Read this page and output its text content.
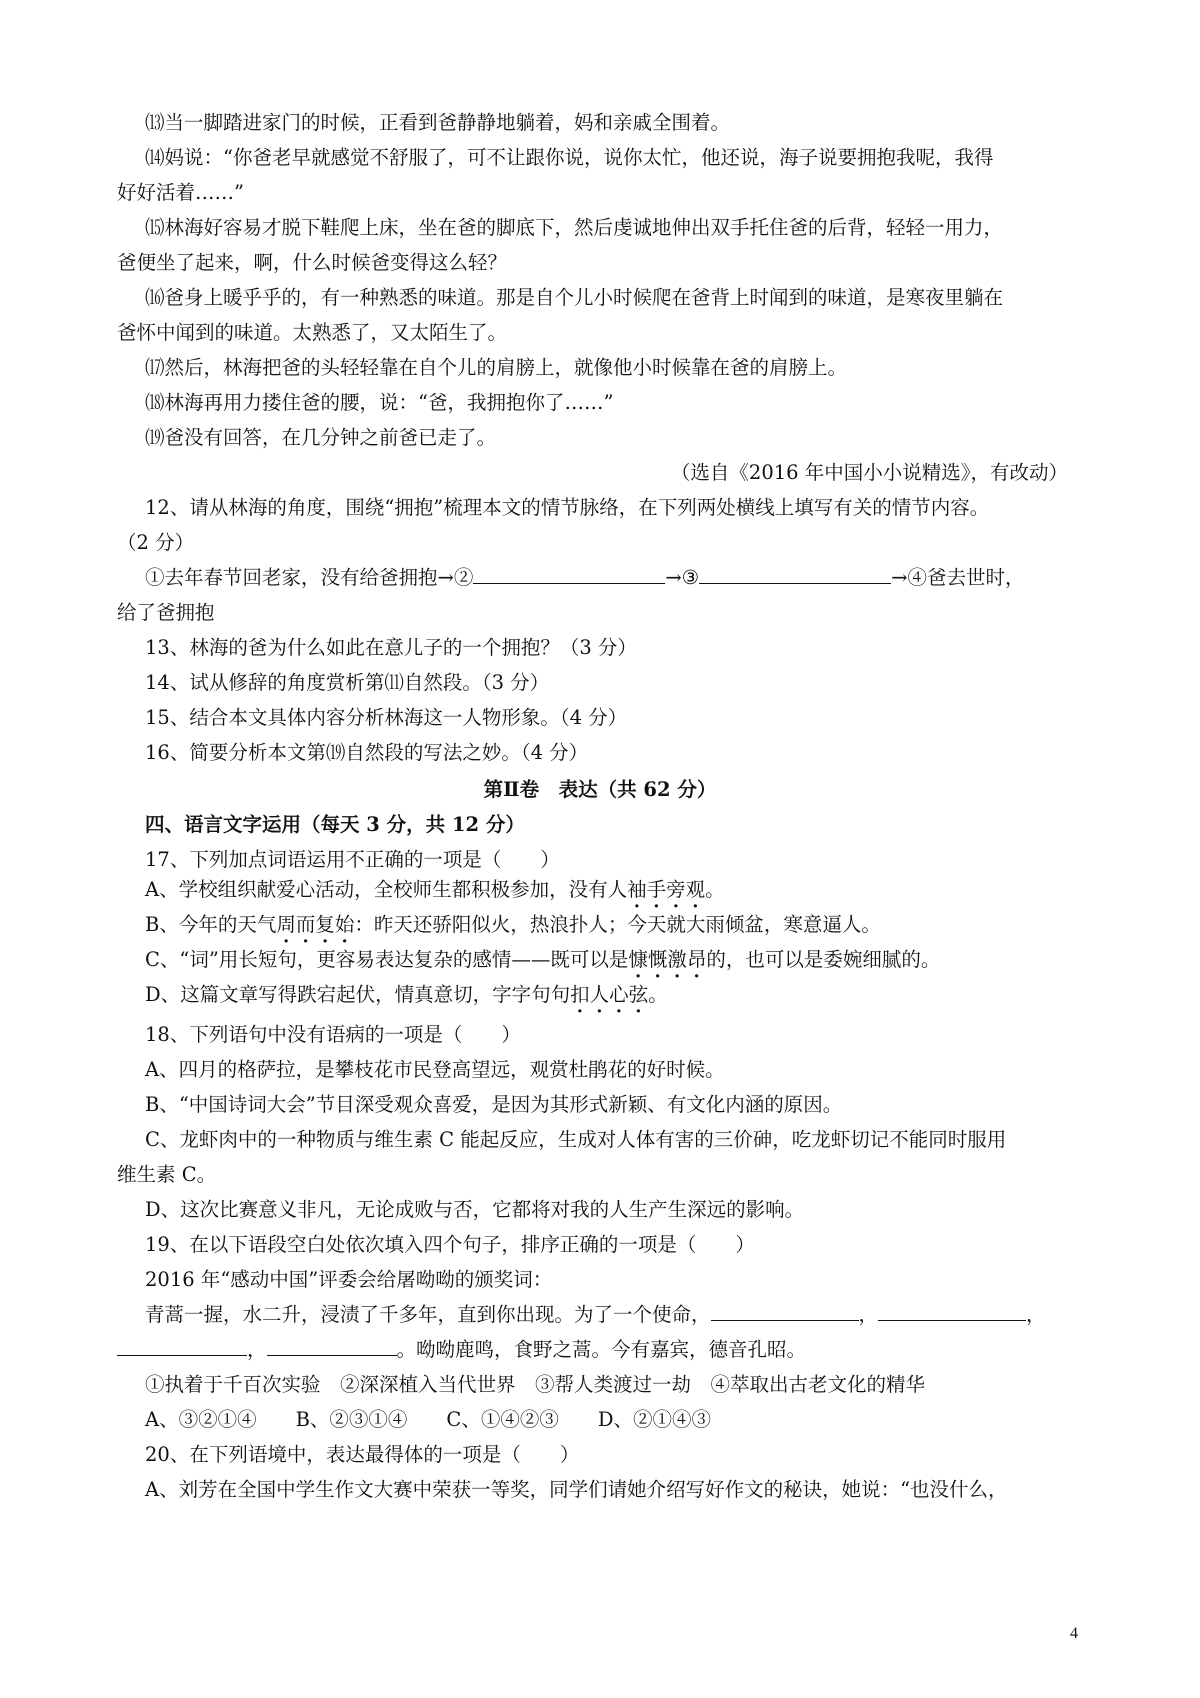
⒀当一脚踏进家门的时候，正看到爸静静地躺着，妈和亲戚全围着。
⒁妈说：“你爸老早就感觉不舒服了，可不让跟你说，说你太忙，他还说，海子说要拥抱我呢，我得
好好活着……”
⒂林海好容易才脱下鞋爬上床，坐在爸的脚底下，然后虔诚地伸出双手托住爸的后背，轻轻一用力，
爸便坐了起来，啊，什么时候爸变得这么轻？
⒃爸身上暖乎乎的，有一种熟悉的味道。那是自个儿小时候爬在爸背上时闻到的味道，是寒夜里躺在
爸怀中闻到的味道。太熟悉了，又太陌生了。
⒄然后，林海把爸的头轻轻靠在自个儿的肩膀上，就像他小时候靠在爸的肩膀上。
⒅林海再用力搂住爸的腰，说：“爸，我拥抱你了……”
⒆爸没有回答，在几分钟之前爸已走了。
（选自《2016 年中国小小说精选》，有改动）
12、请从林海的角度，围绕“拥抱”梳理本文的情节脉络，在下列两处横线上填写有关的情节内容。
（2 分）
①去年春节回老家，没有给爸拥抱→②	→③	→④爸去世时，
给了爸拥抱
13、林海的爸为什么如此在意儿子的一个拥抱？（3 分）
14、试从修辞的角度赏析第⑾自然段。（3 分）
15、结合本文具体内容分析林海这一人物形象。（4 分）
16、简要分析本文第⒆自然段的写法之妙。（4 分）
第Ⅱ卷　表达（共 62 分）
四、语言文字运用（每天 3 分，共 12 分）
17、下列加点词语运用不正确的一项是（　　）
A、学校组织献爱心活动，全校师生都积极参加，没有人袖手旁观。
B、今年的天气周而复始：昨天还骄阳似火，热浪扑人；今天就大雨倾盆，寒意逼人。
C、“词”用长短句，更容易表达复杂的感情——既可以是慷慨激昂的，也可以是委婉细腻的。
D、这篇文章写得跌宕起伏，情真意切，字字句句扣人心弦。
18、下列语句中没有语病的一项是（　　）
A、四月的格萨拉，是攀枝花市民登高望远，观赏杜鹃花的好时候。
B、“中国诗词大会”节目深受观众喜爱，是因为其形式新颖、有文化内涵的原因。
C、龙虾肉中的一种物质与维生素 C 能起反应，生成对人体有害的三价砷，吃龙虾切记不能同时服用
维生素 C。
D、这次比赛意义非凡，无论成败与否，它都将对我的人生产生深远的影响。
19、在以下语段空白处依次填入四个句子，排序正确的一项是（　　）
2016 年“感动中国”评委会给屠呦呦的颁奖词：
青蒿一握，水二升，浸渍了千多年，直到你出现。为了一个使命，	，	，
，	。呦呦鹿鸣，食野之蒿。今有嘉宾，德音孔昭。
①执着于千百次实验　②深深植入当代世界　③帮人类渡过一劫　④萃取出古老文化的精华
A、③②①④　　B、②③①④　　C、①④②③　　D、②①④③
20、在下列语境中，表达最得体的一项是（　　）
A、刘芳在全国中学生作文大赛中荣获一等奖，同学们请她介绍写好作文的秘诀，她说：“也没什么，
4
